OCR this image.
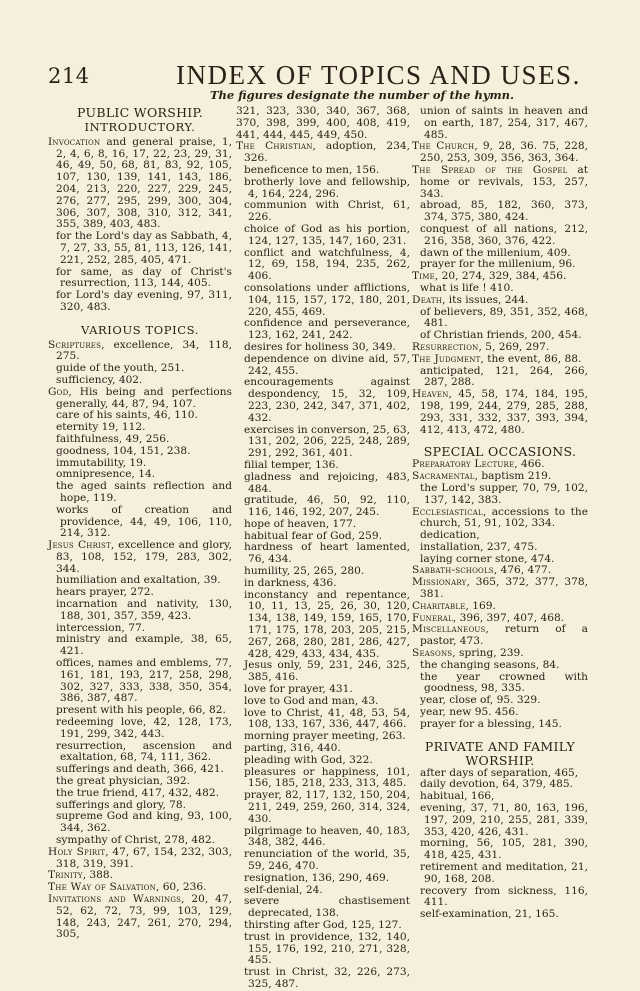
214	INDEX OF TOPICS AND USES.
The figures designate the number of the hymn.
PUBLIC WORSHIP.
INTRODUCTORY.

Invocation and general praise, 1, 2, 4, 6, 8, 16, 17, 22, 23, 29, 31, 46, 49, 50, 68, 81, 83, 92, 105, 107, 130, 139, 141, 143, 186, 204, 213, 220, 227, 229, 245, 276, 277, 295, 299, 300, 304, 306, 307, 308, 310, 312, 341, 355, 389, 403, 483.

for the Lord's day as Sabbath, 4, 7, 27, 33, 55, 81, 113, 126, 141, 221, 252, 285, 405, 471.

for same, as day of Christ's resurrection, 113, 144, 405.

for Lord's day evening, 97, 311, 320, 483.

VARIOUS TOPICS.

Scriptures, excellence, 34, 118, 275.

guide of the youth, 251.

sufficiency, 402.

God, His being and perfections generally, 44, 87, 94, 107.

care of his saints, 46, 110.

eternity 19, 112.

faithfulness, 49, 256.

goodness, 104, 151, 238.

immutability, 19.

omnipresence, 14.

the aged saints reflection and hope, 119.

works of creation and providence, 44, 49, 106, 110, 214, 312.

Jesus Christ, excellence and glory, 83, 108, 152, 179, 283, 302, 344.

humiliation and exaltation, 39.

hears prayer, 272.

incarnation and nativity, 130, 188, 301, 357, 359, 423.

intercession, 77.

ministry and example, 38, 65, 421.

offices, names and emblems, 77, 161, 181, 193, 217, 258, 298, 302, 327, 333, 338, 350, 354, 386, 387, 487.

present with his people, 66, 82.

redeeming love, 42, 128, 173, 191, 299, 342, 443.

resurrection, ascension and exaltation, 68, 74, 111, 362.

sufferings and death, 366, 421.

the great physician, 392.

the true friend, 417, 432, 482.

sufferings and glory, 78.

supreme God and king, 93, 100, 344, 362.

sympathy of Christ, 278, 482.

Holy Spirit, 47, 67, 154, 232, 303, 318, 319, 391.

Trinity, 388.

The Way of Salvation, 60, 236.

Invitations and Warnings, 20, 47, 52, 62, 72, 73, 99, 103, 129, 148, 243, 247, 261, 270, 294, 305,

321, 323, 330, 340, 367, 368, 370, 398, 399, 400, 408, 419, 441, 444, 445, 449, 450.

The Christian, adoption, 234, 326.

beneficence to men, 156.

brotherly love and fellowship, 4, 164, 224, 296.

communion with Christ, 61, 226.

choice of God as his portion, 124, 127, 135, 147, 160, 231.

conflict and watchfulness, 4, 12, 69, 158, 194, 235, 262, 406.

consolations under afflictions, 104, 115, 157, 172, 180, 201, 220, 455, 469.

confidence and perseverance, 123, 162, 241, 242.

desires for holiness 30, 349.

dependence on divine aid, 57, 242, 455.

encouragements against despondency, 15, 32, 109, 223, 230, 242, 347, 371, 402, 432.

exercises in converson, 25, 63, 131, 202, 206, 225, 248, 289, 291, 292, 361, 401.

filial temper, 136.

gladness and rejoicing, 483, 484.

gratitude, 46, 50, 92, 110, 116, 146, 192, 207, 245.

hope of heaven, 177.

habitual fear of God, 259.

hardness of heart lamented, 76, 434.

humility, 25, 265, 280.

in darkness, 436.

inconstancy and repentance, 10, 11, 13, 25, 26, 30, 120, 134, 138, 149, 159, 165, 170, 171, 175, 178, 203, 205, 215, 267, 268, 280, 281, 286, 427, 428, 429, 433, 434, 435.

Jesus only, 59, 231, 246, 325, 385, 416.

love for prayer, 431.

love to God and man, 43.

love to Christ, 41, 48, 53, 54, 108, 133, 167, 336, 447, 466.

morning prayer meeting, 263.

parting, 316, 440.

pleading with God, 322.

pleasures or happiness, 101, 156, 185, 218, 233, 313, 485.

prayer, 82, 117, 132, 150, 204, 211, 249, 259, 260, 314, 324, 430.

pilgrimage to heaven, 40, 183, 348, 382, 446.

renunciation of the world, 35, 59, 246, 470.

resignation, 136, 290, 469.

self-denial, 24.

severe chastisement deprecated, 138.

thirsting after God, 125, 127.

trust in providence, 132, 140, 155, 176, 192, 210, 271, 328, 455.

trust in Christ, 32, 226, 273, 325, 487.

union of saints in heaven and on earth, 187, 254, 317, 467, 485.

The Church, 9, 28, 36. 75, 228, 250, 253, 309, 356, 363, 364.

The Spread of the Gospel at home or revivals, 153, 257, 343.

abroad, 85, 182, 360, 373, 374, 375, 380, 424.

conquest of all nations, 212, 216, 358, 360, 376, 422.

dawn of the millenium, 409.

prayer for the millenium, 96.

Time, 20, 274, 329, 384, 456.

what is life ! 410.

Death, its issues, 244.

of believers, 89, 351, 352, 468, 481.

of Christian friends, 200, 454.

Resurrection, 5, 269, 297.

The Judgment, the event, 86, 88.

anticipated, 121, 264, 266, 287, 288.

Heaven, 45, 58, 174, 184, 195, 198, 199, 244, 279, 285, 288, 293, 331, 332, 337, 393, 394, 412, 413, 472, 480.

SPECIAL OCCASIONS.

Preparatory Lecture, 466.

Sacramental, baptism 219.

the Lord's supper, 70, 79, 102, 137, 142, 383.

Ecclesiastical, accessions to the church, 51, 91, 102, 334.

dedication,

installation, 237, 475.

laying corner stone, 474.

Sabbath-schools, 476, 477.

Missionary, 365, 372, 377, 378, 381.

Charitable, 169.

Funeral, 396, 397, 407, 468.

Miscellaneous, return of a pastor, 473.

Seasons, spring, 239.

the changing seasons, 84.

the year crowned with goodness, 98, 335.

year, close of, 95. 329.

year, new 95. 456.

prayer for a blessing, 145.

PRIVATE AND FAMILY WORSHIP.

after days of separation, 465,

daily devotion, 64, 379, 485.

habitual, 166,

evening, 37, 71, 80, 163, 196, 197, 209, 210, 255, 281, 339, 353, 420, 426, 431.

morning, 56, 105, 281, 390, 418, 425, 431.

retirement and meditation, 21, 90, 168, 208.

recovery from sickness, 116, 411.

self-examination, 21, 165.
